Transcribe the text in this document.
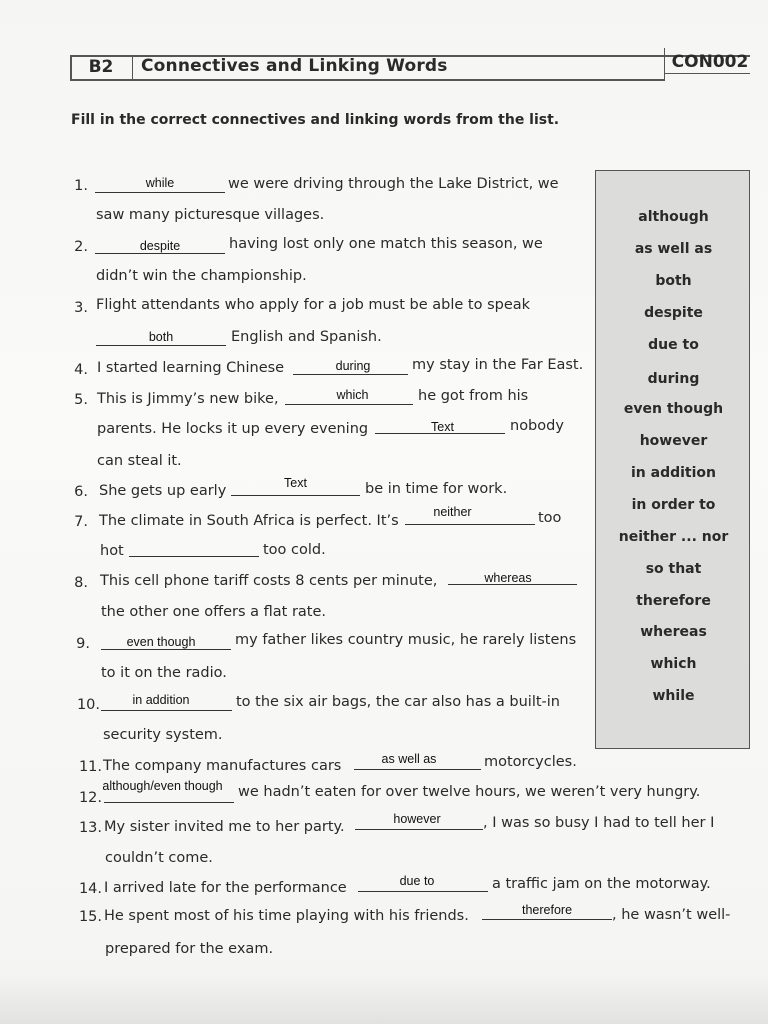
B2	Connectives and Linking Words	CON002
Fill in the correct connectives and linking words from the list.
although
as well as
both
despite
due to
during
even though
however
in addition
in order to
neither ... nor
so that
therefore
whereas
which
while
1.	while	we were driving through the Lake District, we
saw many picturesque villages.
2.	despite	having lost only one match this season, we
didn’t win the championship.
3. Flight attendants who apply for a job must be able to speak
both	English and Spanish.
4. I started learning Chinese	during	my stay in the Far East.
5. This is Jimmy’s new bike,	which	he got from his
parents. He locks it up every evening	Text	nobody
can steal it.
6. She gets up early	Text	be in time for work.
7. The climate in South Africa is perfect. It’s
neither	too
hot	too cold.
8. This cell phone tariff costs 8 cents per minute,	whereas
the other one offers a flat rate.
9.	even though	my father likes country music, he rarely listens
to it on the radio.
10.	in addition	to the six air bags, the car also has a built-in
security system.
11. The company manufactures cars	as well as	motorcycles.
12.
although/even though	we hadn’t eaten for over twelve hours, we weren’t very hungry.
13. My sister invited me to her party.	however	, I was so busy I had to tell her I
couldn’t come.
14. I arrived late for the performance	due to	a traffic jam on the motorway.
15. He spent most of his time playing with his friends.	therefore	, he wasn’t well-
prepared for the exam.
